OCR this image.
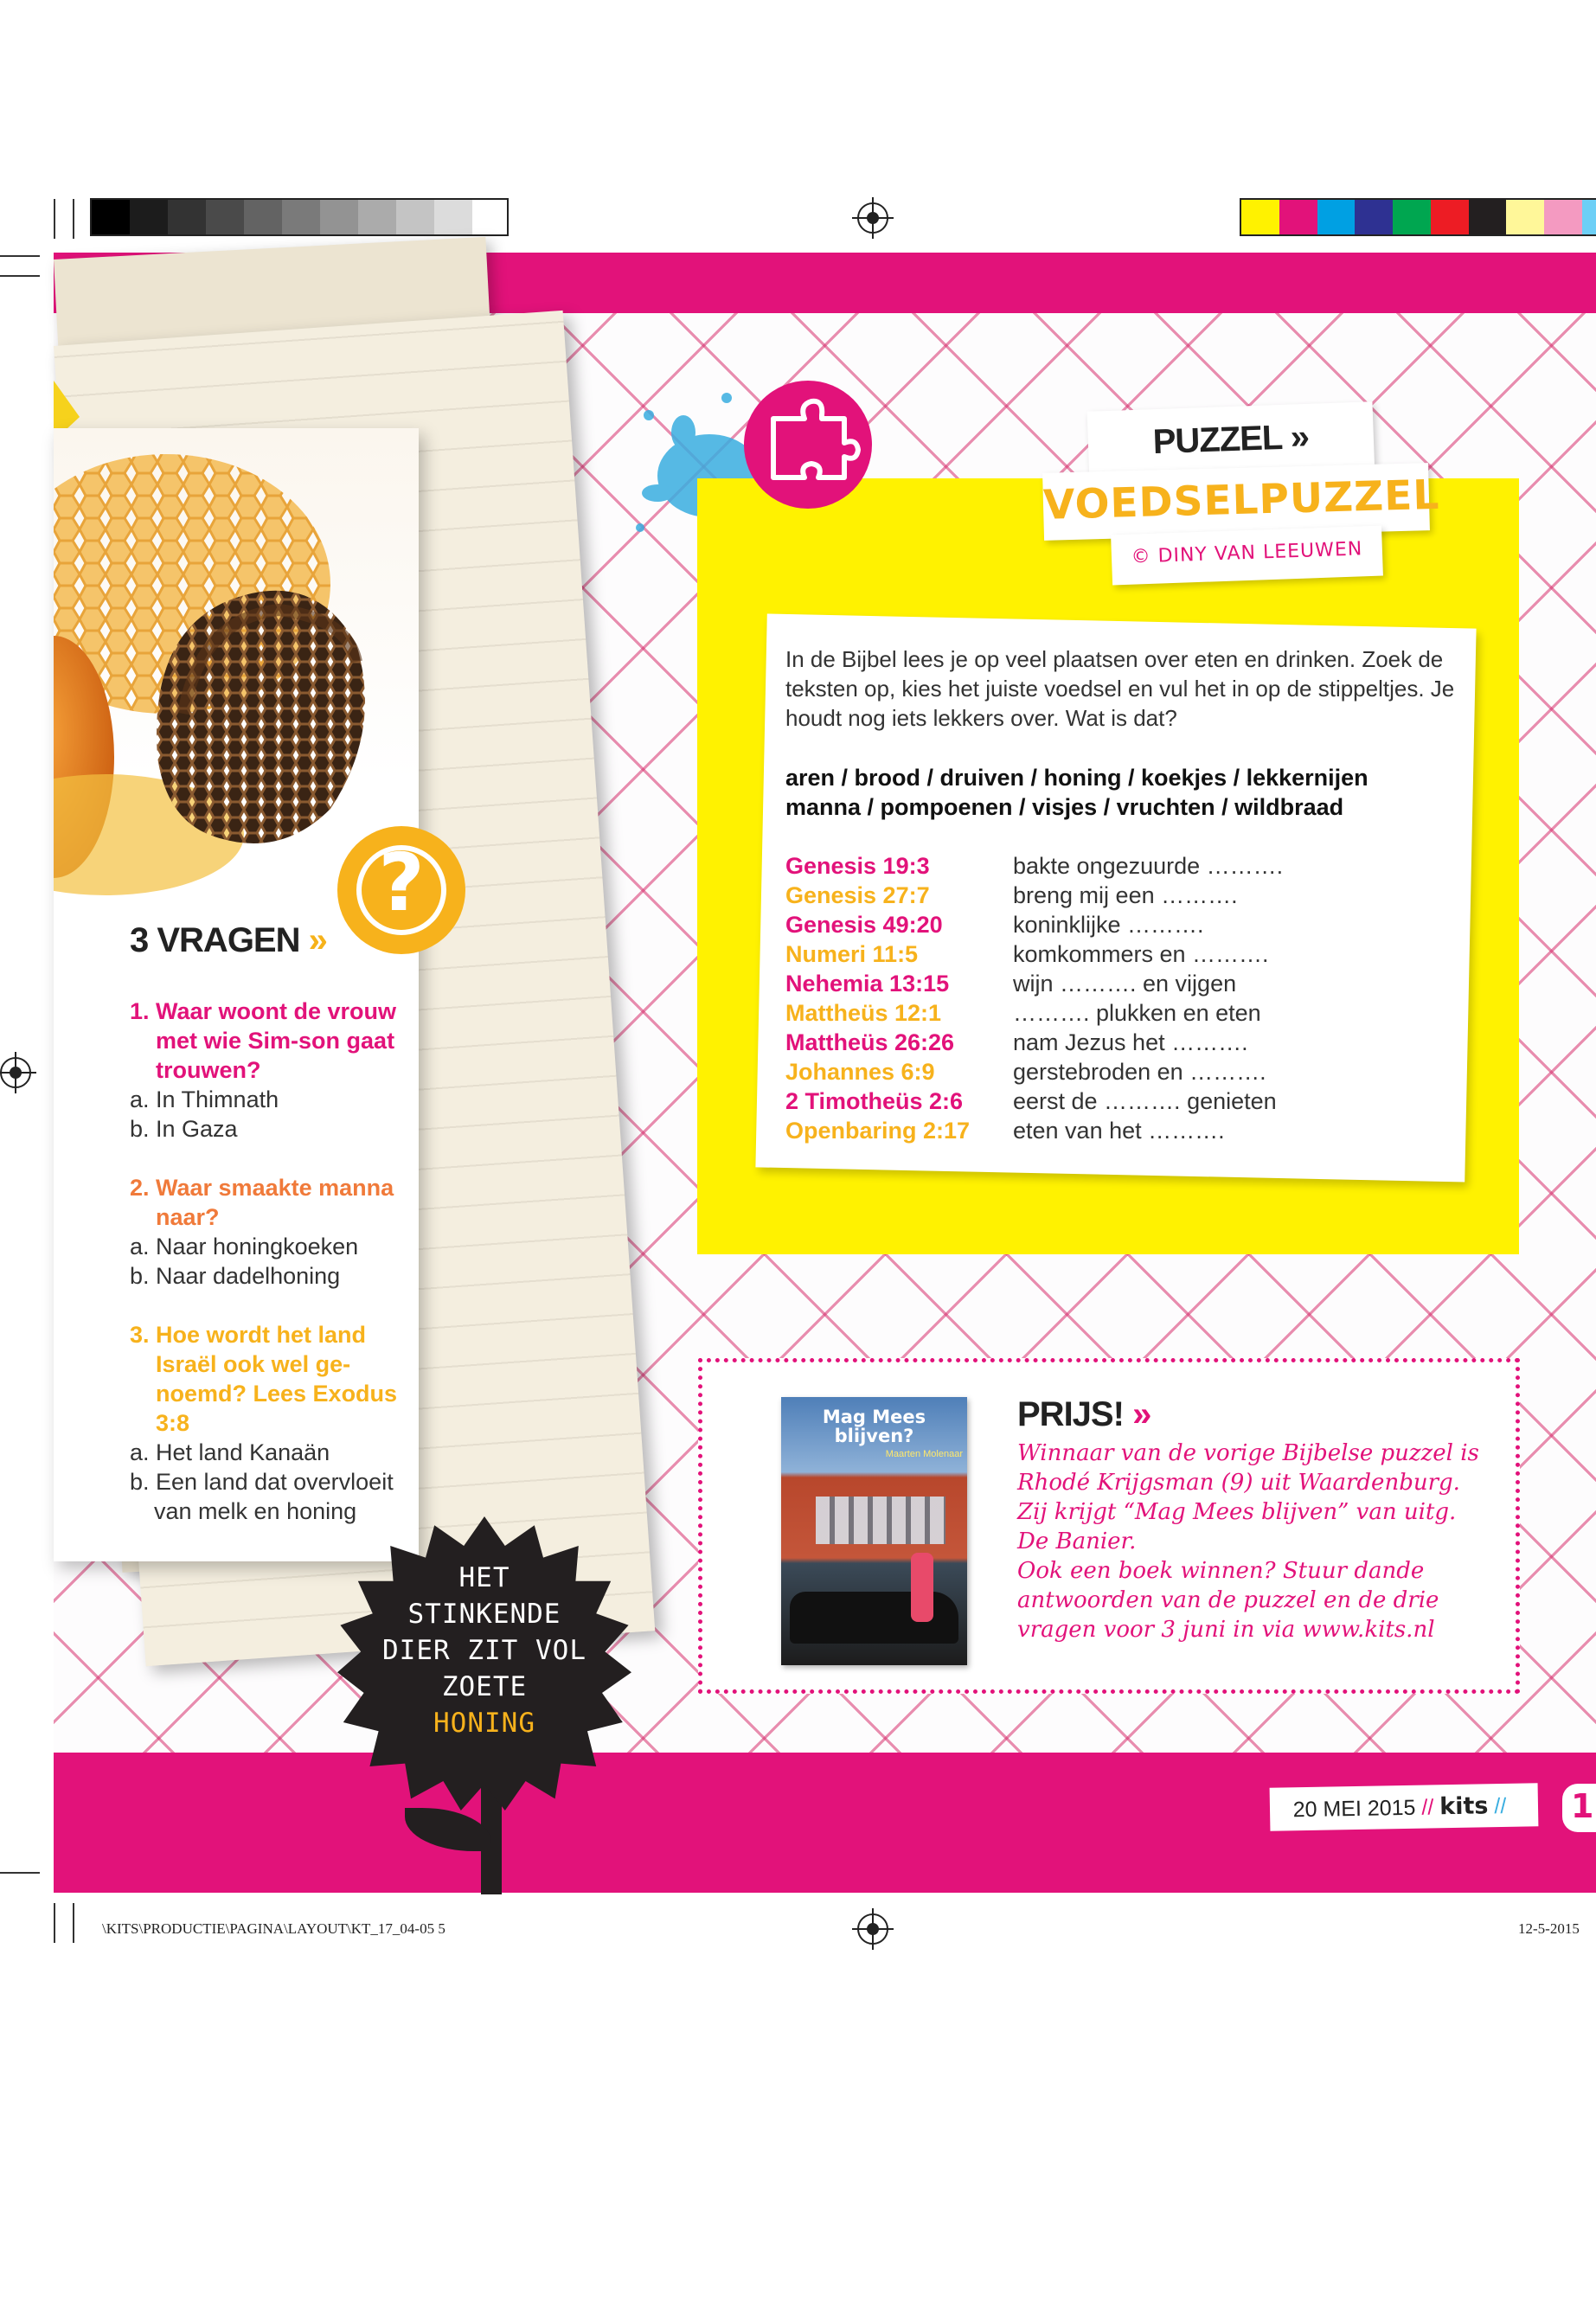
?
3 VRAGEN »
1. Waar woont de vrouw met wie Sim-son gaat trouwen?
a. In Thimnath
b. In Gaza
2. Waar smaakte manna naar?
a. Naar honingkoeken
b. Naar dadelhoning
3. Hoe wordt het land Israël ook wel ge-noemd? Lees Exodus 3:8
a. Het land Kanaän
b. Een land dat overvloeit van melk en honing
HET
STINKENDE
DIER ZIT VOL
ZOETE
HONING
PUZZEL »
VOEDSELPUZZEL
© DINY VAN LEEUWEN
In de Bijbel lees je op veel plaatsen over eten en drinken. Zoek de teksten op, kies het juiste voedsel en vul het in op de stippeltjes. Je houdt nog iets lekkers over. Wat is dat?
aren / brood / druiven / honing / koekjes / lekkernijen
manna / pompoenen / visjes / vruchten / wildbraad
Genesis 19:3	bakte ongezuurde ……….
Genesis 27:7	breng mij een ……….
Genesis 49:20	koninklijke ……….
Numeri 11:5	komkommers en ……….
Nehemia 13:15	wijn ………. en vijgen
Mattheüs 12:1	………. plukken en eten
Mattheüs 26:26	nam Jezus het ……….
Johannes 6:9	gerstebroden en ……….
2 Timotheüs 2:6	eerst de ………. genieten
Openbaring 2:17	eten van het ……….
Mag Mees blijven?
Maarten Molenaar
PRIJS! »
Winnaar van de vorige Bijbelse puzzel is Rhodé Krijgsman (9) uit Waardenburg. Zij krijgt “Mag Mees blijven” van uitg. De Banier.
Ook een boek winnen? Stuur dande antwoorden van de puzzel en de drie vragen voor 3 juni in via www.kits.nl
20 MEI 2015 // kits //	1
\KITS\PRODUCTIE\PAGINA\LAYOUT\KT_17_04-05 5	12-5-2015
